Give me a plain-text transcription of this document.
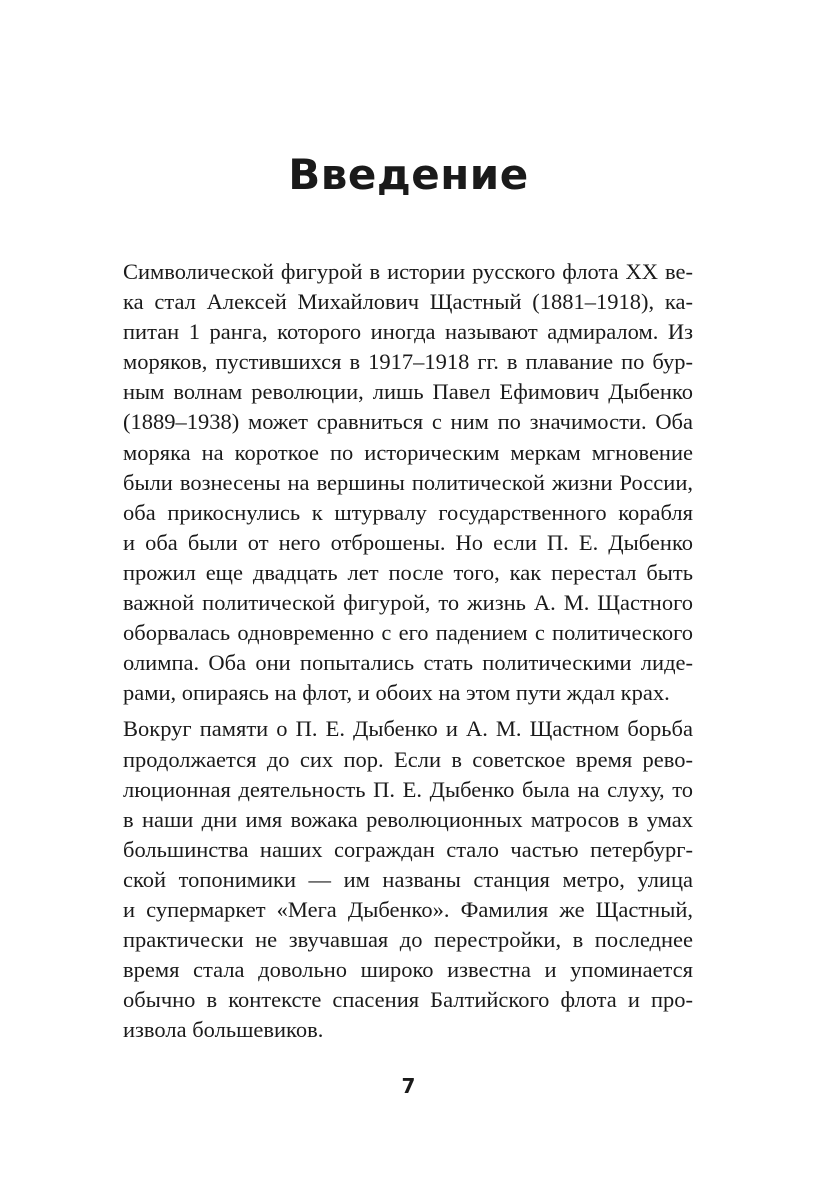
Введение

Символической фигурой в истории русского флота XX ве-
ка стал Алексей Михайлович Щастный (1881–1918), ка-
питан 1 ранга, которого иногда называют адмиралом. Из
моряков, пустившихся в 1917–1918 гг. в плавание по бур-
ным волнам революции, лишь Павел Ефимович Дыбенко
(1889–1938) может сравниться с ним по значимости. Оба
моряка на короткое по историческим меркам мгновение
были вознесены на вершины политической жизни России,
оба прикоснулись к штурвалу государственного корабля
и оба были от него отброшены. Но если П. Е. Дыбенко
прожил еще двадцать лет после того, как перестал быть
важной политической фигурой, то жизнь А. М. Щастного
оборвалась одновременно с его падением с политического
олимпа. Оба они попытались стать политическими лиде-
рами, опираясь на флот, и обоих на этом пути ждал крах.

Вокруг памяти о П. Е. Дыбенко и А. М. Щастном борьба
продолжается до сих пор. Если в советское время рево-
люционная деятельность П. Е. Дыбенко была на слуху, то
в наши дни имя вожака революционных матросов в умах
большинства наших сограждан стало частью петербург-
ской топонимики — им названы станция метро, улица
и супермаркет «Мега Дыбенко». Фамилия же Щастный,
практически не звучавшая до перестройки, в последнее
время стала довольно широко известна и упоминается
обычно в контексте спасения Балтийского флота и про-
извола большевиков.

7
